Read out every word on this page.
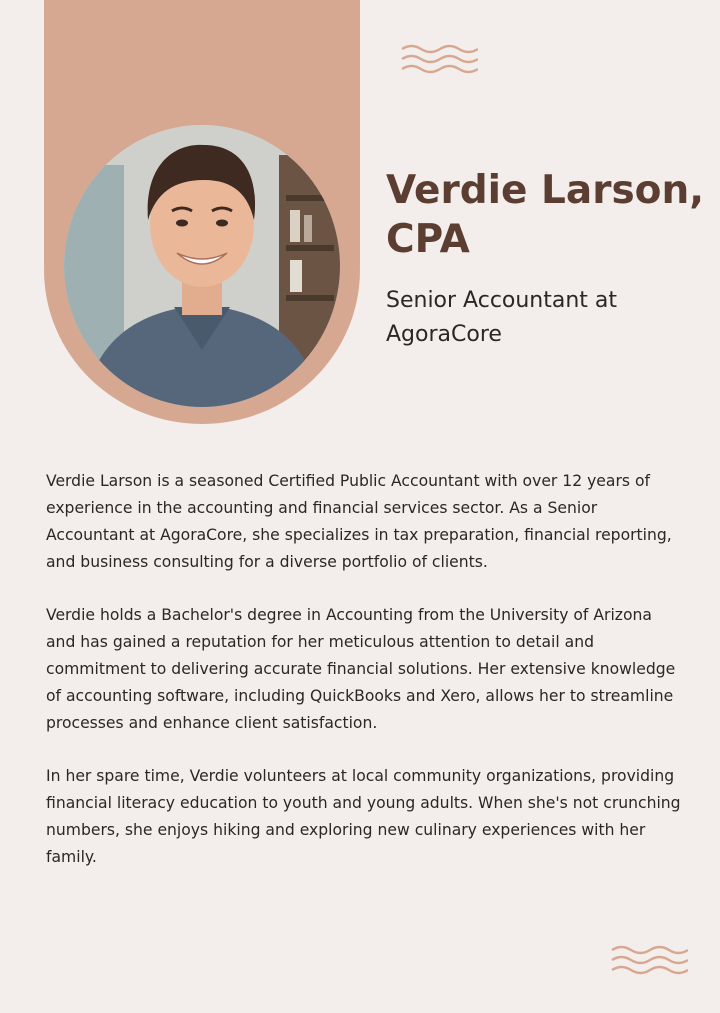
Verdie Larson, CPA

Senior Accountant at AgoraCore

Verdie Larson is a seasoned Certified Public Accountant with over 12 years of experience in the accounting and financial services sector. As a Senior Accountant at AgoraCore, she specializes in tax preparation, financial reporting, and business consulting for a diverse portfolio of clients.

Verdie holds a Bachelor's degree in Accounting from the University of Arizona and has gained a reputation for her meticulous attention to detail and commitment to delivering accurate financial solutions. Her extensive knowledge of accounting software, including QuickBooks and Xero, allows her to streamline processes and enhance client satisfaction.

In her spare time, Verdie volunteers at local community organizations, providing financial literacy education to youth and young adults. When she's not crunching numbers, she enjoys hiking and exploring new culinary experiences with her family.
